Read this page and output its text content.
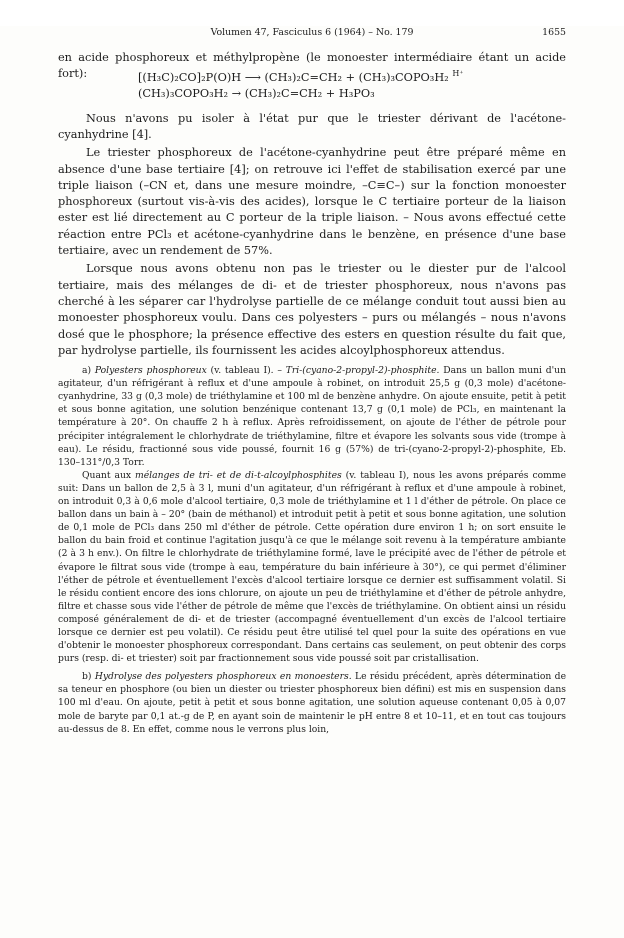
Volumen 47, Fasciculus 6 (1964) – No. 179	1655

en acide phosphoreux et méthylpropène (le monoester intermédiaire étant un acide fort):	[(H₃C)₂CO]₂P(O)H ⟶ (CH₃)₂C=CH₂ + (CH₃)₃COPO₃H₂ $^{H^+}$

(CH₃)₃COPO₃H₂ → (CH₃)₂C=CH₂ + H₃PO₃

Nous n'avons pu isoler à l'état pur que le triester dérivant de l'acétone-cyanhydrine [4].

Le triester phosphoreux de l'acétone-cyanhydrine peut être préparé même en absence d'une base tertiaire [4]; on retrouve ici l'effet de stabilisation exercé par une triple liaison (–CN et, dans une mesure moindre, –C≡C–) sur la fonction monoester phosphoreux (surtout vis-à-vis des acides), lorsque le C tertiaire porteur de la liaison ester est lié directement au C porteur de la triple liaison. – Nous avons effectué cette réaction entre PCl₃ et acétone-cyanhydrine dans le benzène, en présence d'une base tertiaire, avec un rendement de 57%.

Lorsque nous avons obtenu non pas le triester ou le diester pur de l'alcool tertiaire, mais des mélanges de di- et de triester phosphoreux, nous n'avons pas cherché à les séparer car l'hydrolyse partielle de ce mélange conduit tout aussi bien au monoester phosphoreux voulu. Dans ces polyesters – purs ou mélangés – nous n'avons dosé que le phosphore; la présence effective des esters en question résulte du fait que, par hydrolyse partielle, ils fournissent les acides alcoylphosphoreux attendus.

a) Polyesters phosphoreux (v. tableau I). – Tri-(cyano-2-propyl-2)-phosphite. Dans un ballon muni d'un agitateur, d'un réfrigérant à reflux et d'une ampoule à robinet, on introduit 25,5 g (0,3 mole) d'acétone-cyanhydrine, 33 g (0,3 mole) de triéthylamine et 100 ml de benzène anhydre. On ajoute ensuite, petit à petit et sous bonne agitation, une solution benzénique contenant 13,7 g (0,1 mole) de PCl₃, en maintenant la température à 20°. On chauffe 2 h à reflux. Après refroidissement, on ajoute de l'éther de pétrole pour précipiter intégralement le chlorhydrate de triéthylamine, filtre et évapore les solvants sous vide (trompe à eau). Le résidu, fractionné sous vide poussé, fournit 16 g (57%) de tri-(cyano-2-propyl-2)-phosphite, Eb. 130–131°/0,3 Torr.

Quant aux mélanges de tri- et de di-t-alcoylphosphites (v. tableau I), nous les avons préparés comme suit: Dans un ballon de 2,5 à 3 l, muni d'un agitateur, d'un réfrigérant à reflux et d'une ampoule à robinet, on introduit 0,3 à 0,6 mole d'alcool tertiaire, 0,3 mole de triéthylamine et 1 l d'éther de pétrole. On place ce ballon dans un bain à – 20° (bain de méthanol) et introduit petit à petit et sous bonne agitation, une solution de 0,1 mole de PCl₃ dans 250 ml d'éther de pétrole. Cette opération dure environ 1 h; on sort ensuite le ballon du bain froid et continue l'agitation jusqu'à ce que le mélange soit revenu à la température ambiante (2 à 3 h env.). On filtre le chlorhydrate de triéthylamine formé, lave le précipité avec de l'éther de pétrole et évapore le filtrat sous vide (trompe à eau, température du bain inférieure à 30°), ce qui permet d'éliminer l'éther de pétrole et éventuellement l'excès d'alcool tertiaire lorsque ce dernier est suffisamment volatil. Si le résidu contient encore des ions chlorure, on ajoute un peu de triéthylamine et d'éther de pétrole anhydre, filtre et chasse sous vide l'éther de pétrole de même que l'excès de triéthylamine. On obtient ainsi un résidu composé généralement de di- et de triester (accompagné éventuellement d'un excès de l'alcool tertiaire lorsque ce dernier est peu volatil). Ce résidu peut être utilisé tel quel pour la suite des opérations en vue d'obtenir le monoester phosphoreux correspondant. Dans certains cas seulement, on peut obtenir des corps purs (resp. di- et triester) soit par fractionnement sous vide poussé soit par cristallisation.

b) Hydrolyse des polyesters phosphoreux en monoesters. Le résidu précédent, après détermination de sa teneur en phosphore (ou bien un diester ou triester phosphoreux bien défini) est mis en suspension dans 100 ml d'eau. On ajoute, petit à petit et sous bonne agitation, une solution aqueuse contenant 0,05 à 0,07 mole de baryte par 0,1 at.-g de P, en ayant soin de maintenir le pH entre 8 et 10–11, et en tout cas toujours au-dessus de 8. En effet, comme nous le verrons plus loin,
